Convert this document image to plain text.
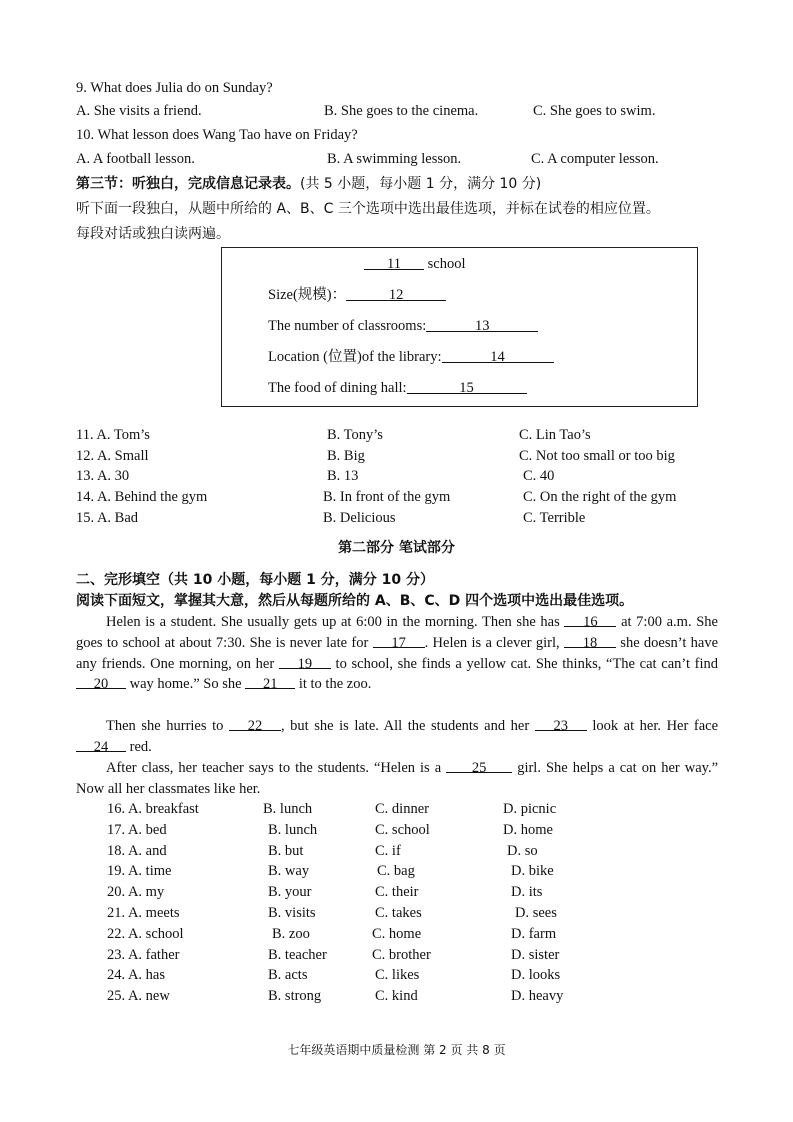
9. What does Julia do on Sunday?
A. She visits a friend.	B. She goes to the cinema.	C. She goes to swim.
10. What lesson does Wang Tao have on Friday?
A. A football lesson.	B. A swimming lesson.	C. A computer lesson.
第三节：听独白，完成信息记录表。(共 5 小题，每小题 1 分，满分 10 分)
听下面一段独白，从题中所给的 A、B、C 三个选项中选出最佳选项，并标在试卷的相应位置。
每段对话或独白读两遍。
11 school
Size(规模)：	12
The number of classrooms:	13
Location (位置)of the library:	14
The food of dining hall:	15
11. A. Tom’s	B. Tony’s	C. Lin Tao’s
12. A. Small	B. Big	C. Not too small or too big
13. A. 30	B. 13	C. 40
14. A. Behind the gym	B. In front of the gym	C. On the right of the gym
15. A. Bad	B. Delicious	C. Terrible
第二部分 笔试部分
二、完形填空（共 10 小题，每小题 1 分，满分 10 分）
阅读下面短文，掌握其大意，然后从每题所给的 A、B、C、D 四个选项中选出最佳选项。
Helen is a student. She usually gets up at 6:00 in the morning. Then she has 16 at 7:00 a.m. She goes to school at about 7:30. She is never late for 17 . Helen is a clever girl, 18 she doesn’t have any friends. One morning, on her 19 to school, she finds a yellow cat. She thinks, “The cat can’t find 20 way home.” So she 21 it to the zoo.
Then she hurries to 22 , but she is late. All the students and her 23 look at her. Her face 24 red.
After class, her teacher says to the students. “Helen is a 25 girl. She helps a cat on her way.” Now all her classmates like her.
16. A. breakfast	B. lunch	C. dinner	D. picnic
17. A. bed	B. lunch	C. school	D. home
18. A. and	B. but	C. if	D. so
19. A. time	B. way	C. bag	D. bike
20. A. my	B. your	C. their	D. its
21. A. meets	B. visits	C. takes	D. sees
22. A. school	B. zoo	C. home	D. farm
23. A. father	B. teacher	C. brother	D. sister
24. A. has	B. acts	C. likes	D. looks
25. A. new	B. strong	C. kind	D. heavy
七年级英语期中质量检测 第 2 页 共 8 页
